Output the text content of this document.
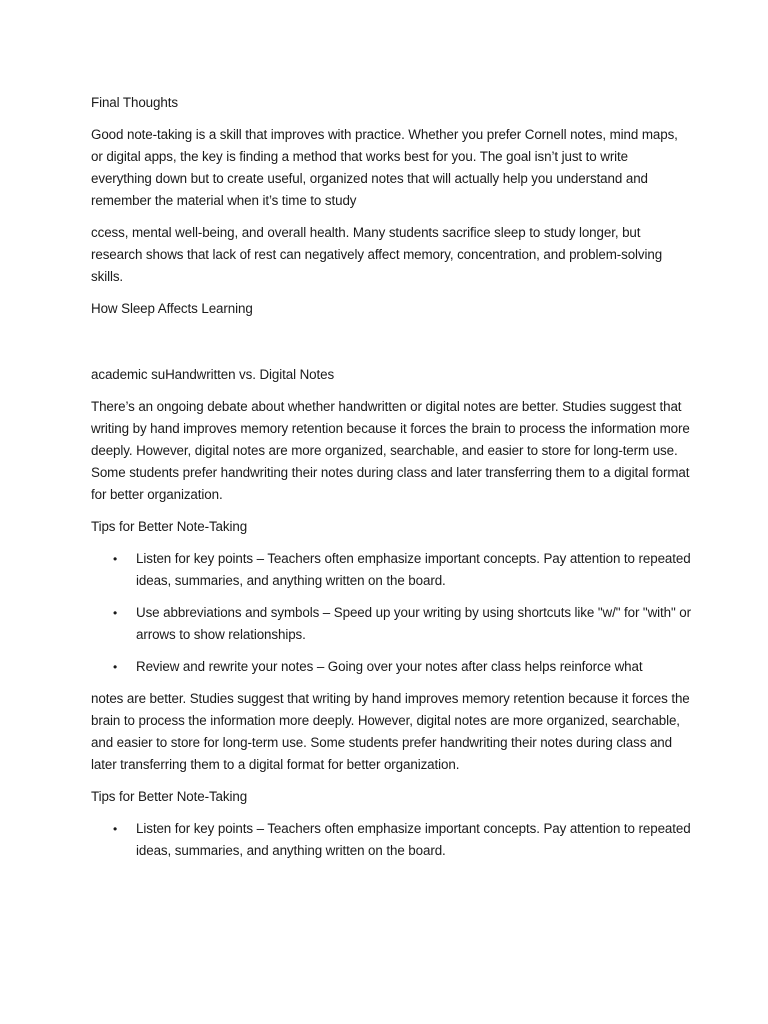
Final Thoughts

Good note-taking is a skill that improves with practice. Whether you prefer Cornell notes, mind maps, or digital apps, the key is finding a method that works best for you. The goal isn’t just to write everything down but to create useful, organized notes that will actually help you understand and remember the material when it’s time to study

ccess, mental well-being, and overall health. Many students sacrifice sleep to study longer, but research shows that lack of rest can negatively affect memory, concentration, and problem-solving skills.

How Sleep Affects Learning

academic suHandwritten vs. Digital Notes

There’s an ongoing debate about whether handwritten or digital notes are better. Studies suggest that writing by hand improves memory retention because it forces the brain to process the information more deeply. However, digital notes are more organized, searchable, and easier to store for long-term use. Some students prefer handwriting their notes during class and later transferring them to a digital format for better organization.

Tips for Better Note-Taking

• Listen for key points – Teachers often emphasize important concepts. Pay attention to repeated ideas, summaries, and anything written on the board.
• Use abbreviations and symbols – Speed up your writing by using shortcuts like "w/" for "with" or arrows to show relationships.
• Review and rewrite your notes – Going over your notes after class helps reinforce what

notes are better. Studies suggest that writing by hand improves memory retention because it forces the brain to process the information more deeply. However, digital notes are more organized, searchable, and easier to store for long-term use. Some students prefer handwriting their notes during class and later transferring them to a digital format for better organization.

Tips for Better Note-Taking

• Listen for key points – Teachers often emphasize important concepts. Pay attention to repeated ideas, summaries, and anything written on the board.
